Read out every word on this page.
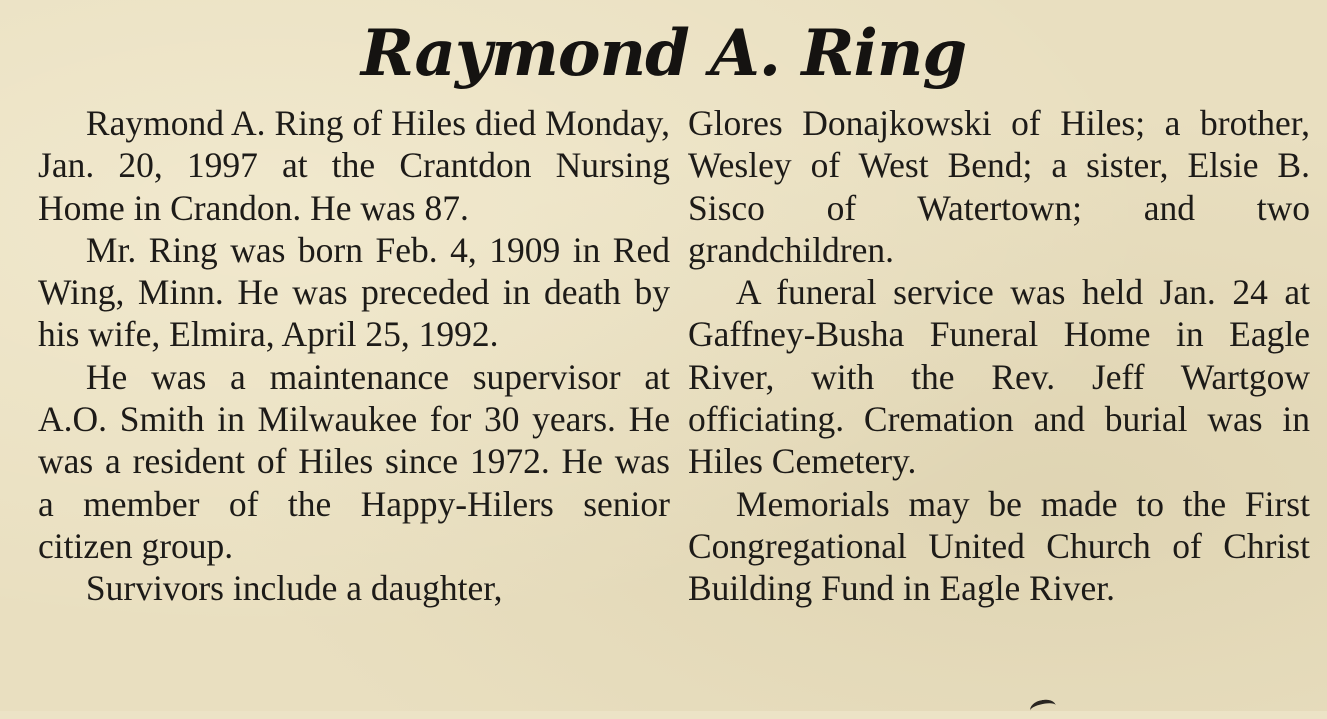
Raymond A. Ring

Raymond A. Ring of Hiles died Monday, Jan. 20, 1997 at the Crantdon Nursing Home in Crandon. He was 87.

Mr. Ring was born Feb. 4, 1909 in Red Wing, Minn. He was preceded in death by his wife, Elmira, April 25, 1992.

He was a maintenance supervisor at A.O. Smith in Milwaukee for 30 years. He was a resident of Hiles since 1972. He was a member of the Happy-Hilers senior citizen group.

Survivors include a daughter,

Glores Donajkowski of Hiles; a brother, Wesley of West Bend; a sister, Elsie B. Sisco of Watertown; and two grandchildren.

A funeral service was held Jan. 24 at Gaffney-Busha Funeral Home in Eagle River, with the Rev. Jeff Wartgow officiating. Cremation and burial was in Hiles Cemetery.

Memorials may be made to the First Congregational United Church of Christ Building Fund in Eagle River.
